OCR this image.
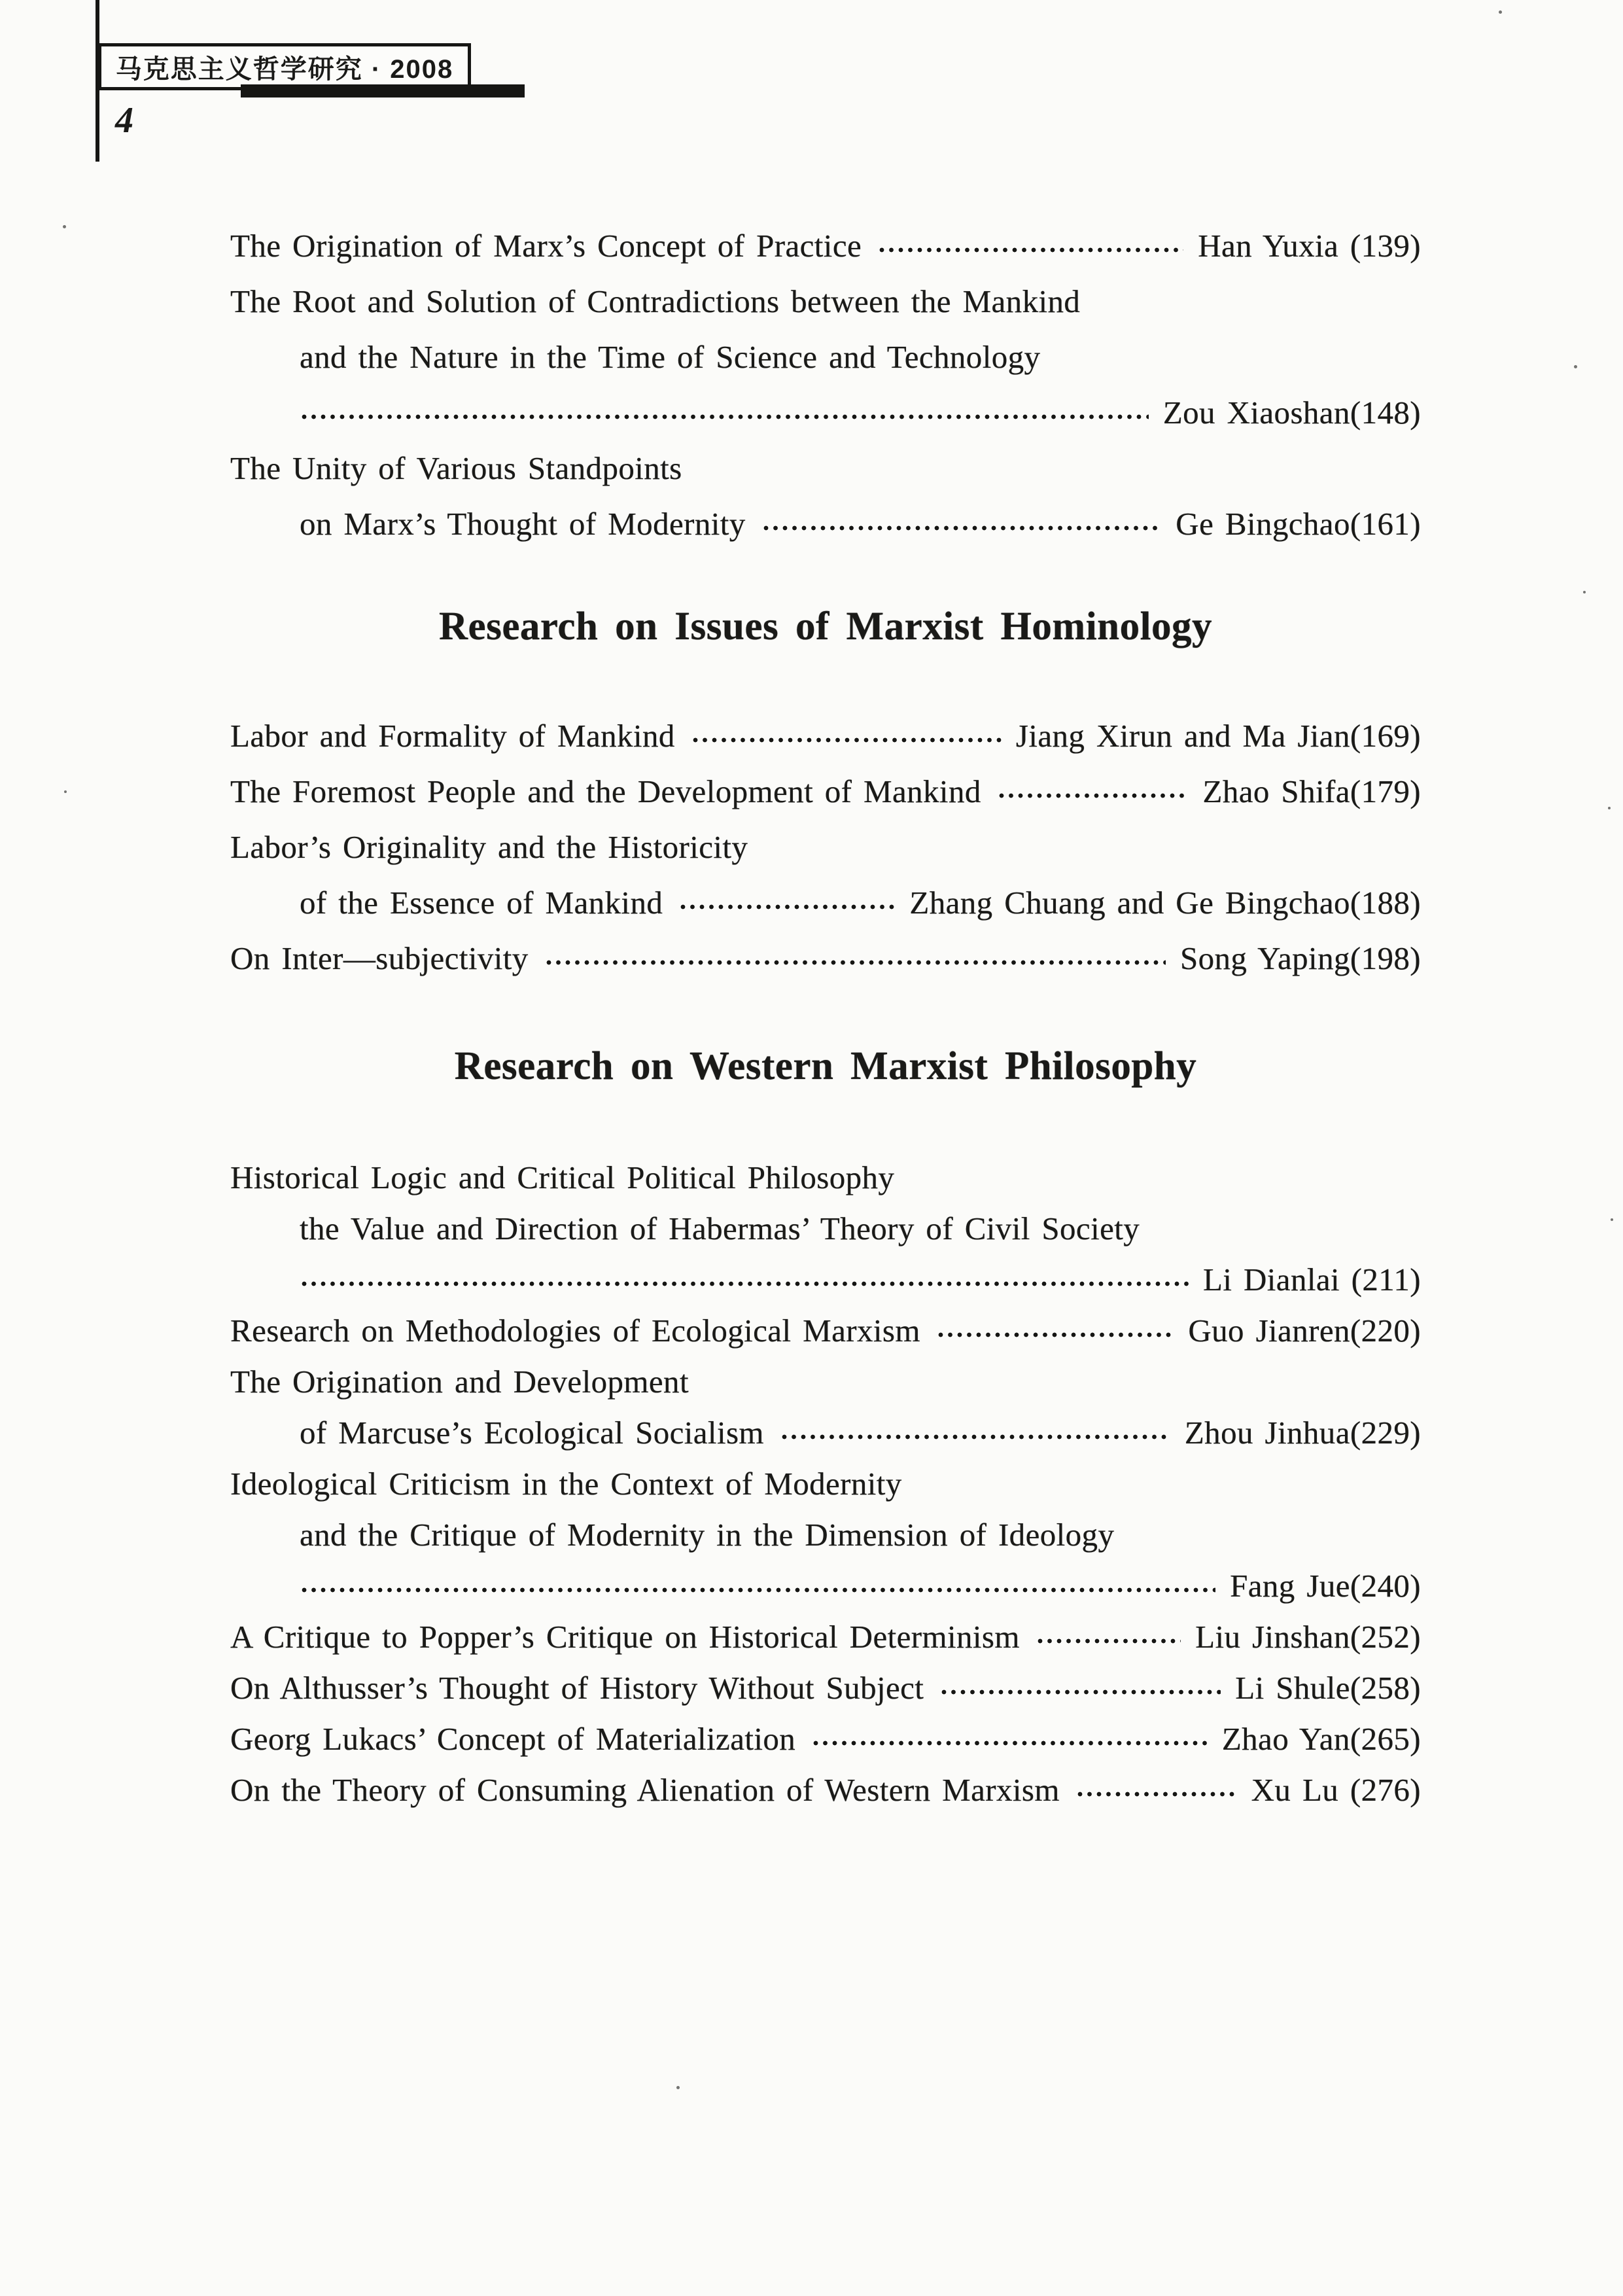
马克思主义哲学研究 · 2008
4
The Origination of Marx’s Concept of Practice	Han Yuxia (139)
The Root and Solution of Contradictions between the Mankind
and the Nature in the Time of Science and Technology
Zou Xiaoshan(148)
The Unity of Various Standpoints
on Marx’s Thought of Modernity	Ge Bingchao(161)
Research on Issues of Marxist Hominology
Labor and Formality of Mankind	Jiang Xirun and Ma Jian(169)
The Foremost People and the Development of Mankind	Zhao Shifa(179)
Labor’s Originality and the Historicity
of the Essence of Mankind	Zhang Chuang and Ge Bingchao(188)
On Inter—subjectivity	Song Yaping(198)
Research on Western Marxist Philosophy
Historical Logic and Critical Political Philosophy
the Value and Direction of Habermas’ Theory of Civil Society
Li Dianlai (211)
Research on Methodologies of Ecological Marxism	Guo Jianren(220)
The Origination and Development
of Marcuse’s Ecological Socialism	Zhou Jinhua(229)
Ideological Criticism in the Context of Modernity
and the Critique of Modernity in the Dimension of Ideology
Fang Jue(240)
A Critique to Popper’s Critique on Historical Determinism	Liu Jinshan(252)
On Althusser’s Thought of History Without Subject	Li Shule(258)
Georg Lukacs’ Concept of Materialization	Zhao Yan(265)
On the Theory of Consuming Alienation of Western Marxism	Xu Lu (276)
